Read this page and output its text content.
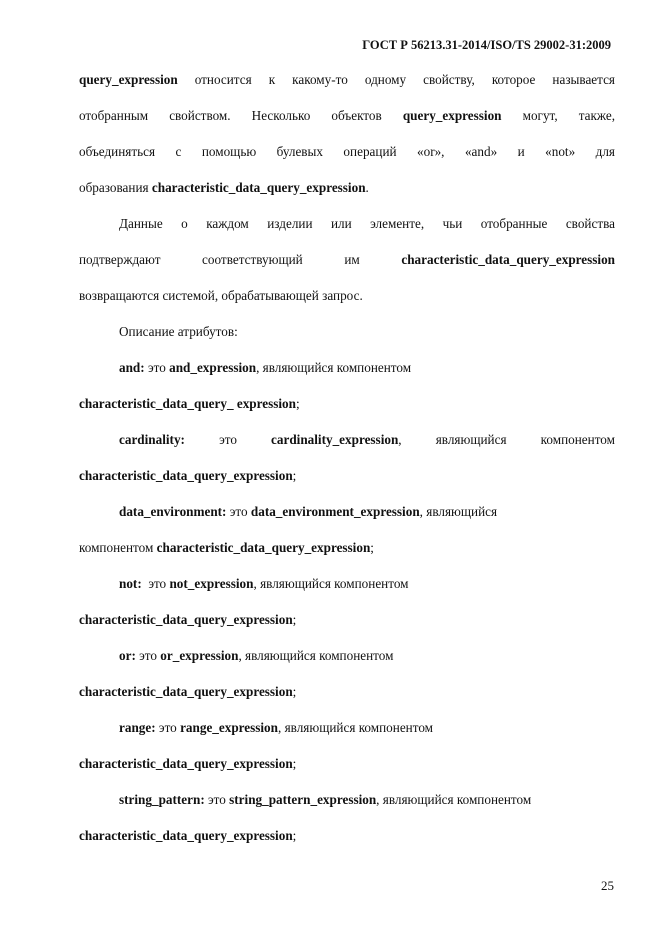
ГОСТ Р 56213.31-2014/ISO/TS 29002-31:2009
query_expression относится к какому-то одному свойству, которое называется
отобранным свойством. Несколько объектов query_expression могут, также,
объединяться с помощью булевых операций «or», «and» и «not» для
образования characteristic_data_query_expression.
Данные о каждом изделии или элементе, чьи отобранные свойства
подтверждают соответствующий им characteristic_data_query_expression
возвращаются системой, обрабатывающей запрос.
Описание атрибутов:
and: это and_expression, являющийся компонентом
characteristic_data_query_ expression;
cardinality: это cardinality_expression, являющийся компонентом
characteristic_data_query_expression;
data_environment: это data_environment_expression, являющийся
компонентом characteristic_data_query_expression;
not:  это not_expression, являющийся компонентом
characteristic_data_query_expression;
or: это or_expression, являющийся компонентом
characteristic_data_query_expression;
range: это range_expression, являющийся компонентом
characteristic_data_query_expression;
string_pattern: это string_pattern_expression, являющийся компонентом
characteristic_data_query_expression;
25
